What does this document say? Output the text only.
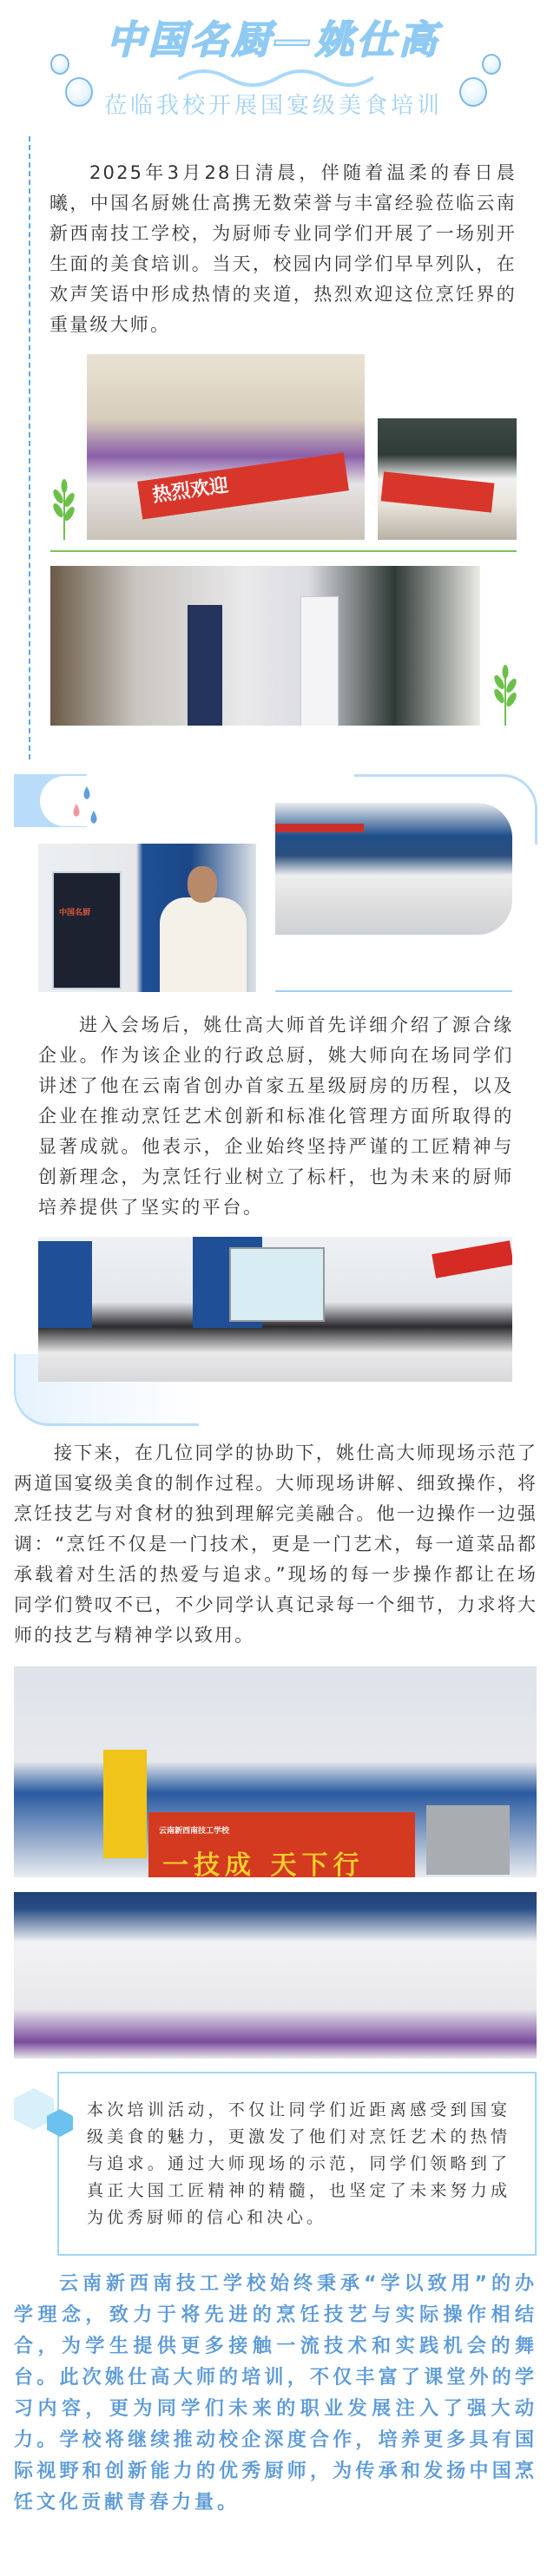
中国名厨—姚仕高
莅临我校开展国宴级美食培训
2025年3月28日清晨，伴随着温柔的春日晨曦，中国名厨姚仕高携无数荣誉与丰富经验莅临云南新西南技工学校，为厨师专业同学们开展了一场别开生面的美食培训。当天，校园内同学们早早列队，在欢声笑语中形成热情的夹道，热烈欢迎这位烹饪界的重量级大师。
热烈欢迎
中国名厨
进入会场后，姚仕高大师首先详细介绍了源合缘企业。作为该企业的行政总厨，姚大师向在场同学们讲述了他在云南省创办首家五星级厨房的历程，以及企业在推动烹饪艺术创新和标准化管理方面所取得的显著成就。他表示，企业始终坚持严谨的工匠精神与创新理念，为烹饪行业树立了标杆，也为未来的厨师培养提供了坚实的平台。
接下来，在几位同学的协助下，姚仕高大师现场示范了两道国宴级美食的制作过程。大师现场讲解、细致操作，将烹饪技艺与对食材的独到理解完美融合。他一边操作一边强调：“烹饪不仅是一门技术，更是一门艺术，每一道菜品都承载着对生活的热爱与追求。”现场的每一步操作都让在场同学们赞叹不已，不少同学认真记录每一个细节，力求将大师的技艺与精神学以致用。
云南新西南技工学校
一技成 天下行
本次培训活动，不仅让同学们近距离感受到国宴级美食的魅力，更激发了他们对烹饪艺术的热情与追求。通过大师现场的示范，同学们领略到了真正大国工匠精神的精髓，也坚定了未来努力成为优秀厨师的信心和决心。
云南新西南技工学校始终秉承“学以致用”的办学理念，致力于将先进的烹饪技艺与实际操作相结合，为学生提供更多接触一流技术和实践机会的舞台。此次姚仕高大师的培训，不仅丰富了课堂外的学习内容，更为同学们未来的职业发展注入了强大动力。学校将继续推动校企深度合作，培养更多具有国际视野和创新能力的优秀厨师，为传承和发扬中国烹饪文化贡献青春力量。
